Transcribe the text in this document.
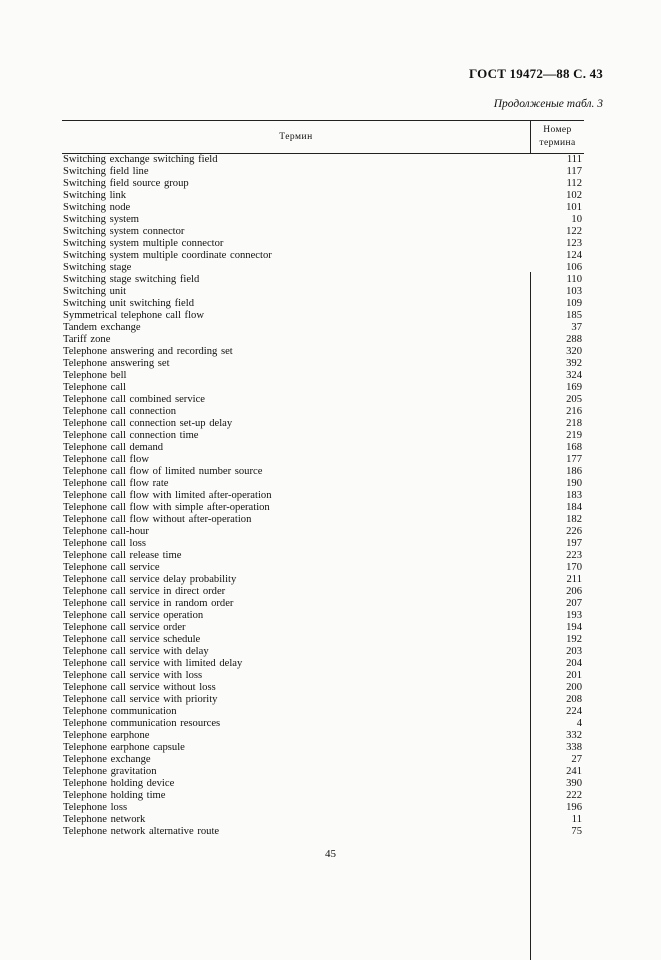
ГОСТ 19472—88 С. 43
Продолженые табл. 3
Термин
Номер
термина
Switching exchange switching field	111
Switching field line	117
Switching field source group	112
Switching link	102
Switching node	101
Switching system	10
Switching system connector	122
Switching system multiple connector	123
Switching system multiple coordinate connector	124
Switching stage	106
Switching stage switching field	110
Switching unit	103
Switching unit switching field	109
Symmetrical telephone call flow	185
Tandem exchange	37
Tariff zone	288
Telephone answering and recording set	320
Telephone answering set	392
Telephone bell	324
Telephone call	169
Telephone call combined service	205
Telephone call connection	216
Telephone call connection set-up delay	218
Telephone call connection time	219
Telephone call demand	168
Telephone call flow	177
Telephone call flow of limited number source	186
Telephone call flow rate	190
Telephone call flow with limited after-operation	183
Telephone call flow with simple after-operation	184
Telephone call flow without after-operation	182
Telephone call-hour	226
Telephone call loss	197
Telephone call release time	223
Telephone call service	170
Telephone call service delay probability	211
Telephone call service in direct order	206
Telephone call service in random order	207
Telephone call service operation	193
Telephone call service order	194
Telephone call service schedule	192
Telephone call service with delay	203
Telephone call service with limited delay	204
Telephone call service with loss	201
Telephone call service without loss	200
Telephone call service with priority	208
Telephone communication	224
Telephone communication resources	4
Telephone earphone	332
Telephone earphone capsule	338
Telephone exchange	27
Telephone gravitation	241
Telephone holding device	390
Telephone holding time	222
Telephone loss	196
Telephone network	11
Telephone network alternative route	75
45
